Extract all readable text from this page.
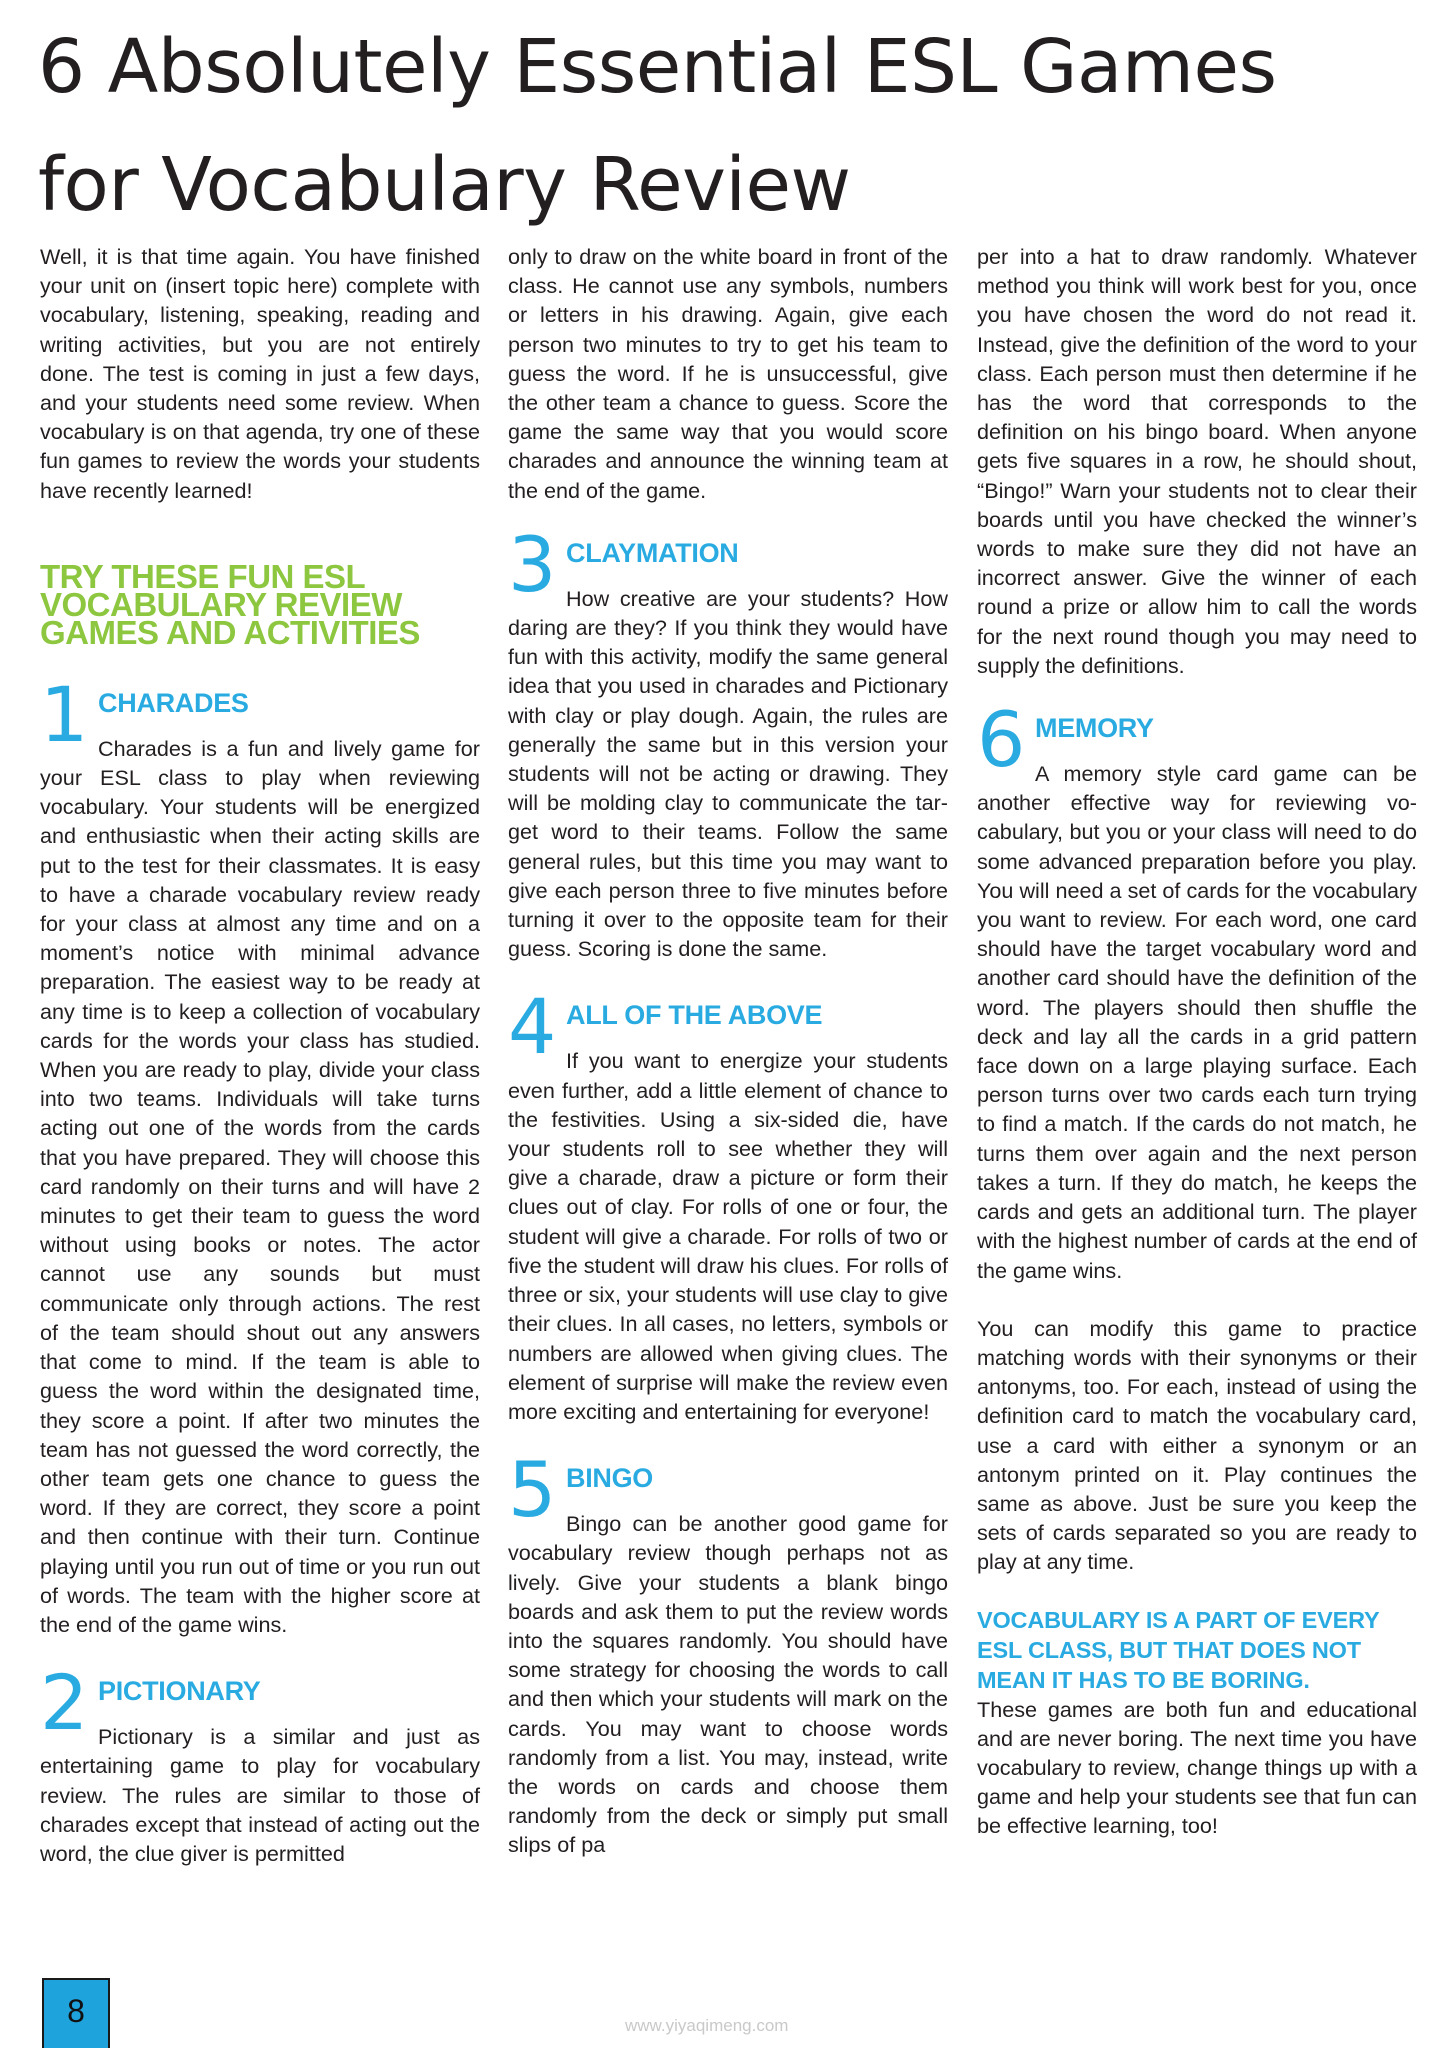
6 Absolutely Essential ESL Games
for Vocabulary Review

Well, it is that time again. You have finished your unit on (insert topic here) complete with vocabulary, listening, speaking, reading and writing activities, but you are not entirely done. The test is coming in just a few days, and your students need some review. When vocabulary is on that agenda, try one of these fun games to review the words your students have recently learned!

TRY THESE FUN ESL
VOCABULARY REVIEW
GAMES AND ACTIVITIES
1 CHARADES

Charades is a fun and lively game for your ESL class to play when reviewing vocabulary. Your students will be energized and enthusiastic when their acting skills are put to the test for their classmates. It is easy to have a charade vocabulary review ready for your class at almost any time and on a moment’s notice with minimal advance preparation. The easiest way to be ready at any time is to keep a collection of vocabulary cards for the words your class has studied. When you are ready to play, divide your class into two teams. Individuals will take turns acting out one of the words from the cards that you have prepared. They will choose this card randomly on their turns and will have 2 minutes to get their team to guess the word without using books or notes. The actor cannot use any sounds but must communicate only through actions. The rest of the team should shout out any answers that come to mind. If the team is able to guess the word within the designated time, they score a point. If after two minutes the team has not guessed the word correctly, the other team gets one chance to guess the word. If they are correct, they score a point and then continue with their turn. Continue playing until you run out of time or you run out of words. The team with the higher score at the end of the game wins.

2 PICTIONARY

Pictionary is a similar and just as entertaining game to play for vocabulary review. The rules are similar to those of charades except that instead of acting out the word, the clue giver is permitted

only to draw on the white board in front of the class. He cannot use any symbols, numbers or letters in his drawing. Again, give each person two minutes to try to get his team to guess the word. If he is unsuccessful, give the other team a chance to guess. Score the game the same way that you would score charades and announce the winning team at the end of the game.

3 CLAYMATION

How creative are your students? How daring are they? If you think they would have fun with this activity, modify the same general idea that you used in charades and Pictionary with clay or play dough. Again, the rules are generally the same but in this version your students will not be acting or drawing. They will be molding clay to communicate the target word to their teams. Follow the same general rules, but this time you may want to give each person three to five minutes before turning it over to the opposite team for their guess. Scoring is done the same.

4 ALL OF THE ABOVE

If you want to energize your students even further, add a little element of chance to the festivities. Using a six-sided die, have your students roll to see whether they will give a charade, draw a picture or form their clues out of clay. For rolls of one or four, the student will give a charade. For rolls of two or five the student will draw his clues. For rolls of three or six, your students will use clay to give their clues. In all cases, no letters, symbols or numbers are allowed when giving clues. The element of surprise will make the review even more exciting and entertaining for everyone!

5 BINGO

Bingo can be another good game for vocabulary review though perhaps not as lively. Give your students a blank bingo boards and ask them to put the review words into the squares randomly. You should have some strategy for choosing the words to call and then which your students will mark on the cards. You may want to choose words randomly from a list. You may, instead, write the words on cards and choose them randomly from the deck or simply put small slips of pa

per into a hat to draw randomly. Whatever method you think will work best for you, once you have chosen the word do not read it. Instead, give the definition of the word to your class. Each person must then determine if he has the word that corresponds to the definition on his bingo board. When anyone gets five squares in a row, he should shout, “Bingo!” Warn your students not to clear their boards until you have checked the winner’s words to make sure they did not have an incorrect answer. Give the winner of each round a prize or allow him to call the words for the next round though you may need to supply the definitions.

6 MEMORY

A memory style card game can be another effective way for reviewing vocabulary, but you or your class will need to do some advanced preparation before you play. You will need a set of cards for the vocabulary you want to review. For each word, one card should have the target vocabulary word and another card should have the definition of the word. The players should then shuffle the deck and lay all the cards in a grid pattern face down on a large playing surface. Each person turns over two cards each turn trying to find a match. If the cards do not match, he turns them over again and the next person takes a turn. If they do match, he keeps the cards and gets an additional turn. The player with the highest number of cards at the end of the game wins.

You can modify this game to practice matching words with their synonyms or their antonyms, too. For each, instead of using the definition card to match the vocabulary card, use a card with either a synonym or an antonym printed on it. Play continues the same as above. Just be sure you keep the sets of cards separated so you are ready to play at any time.

VOCABULARY IS A PART OF EVERY ESL CLASS, BUT THAT DOES NOT MEAN IT HAS TO BE BORING.

These games are both fun and educational and are never boring. The next time you have vocabulary to review, change things up with a game and help your students see that fun can be effective learning, too!

8	www.yiyaqimeng.com
